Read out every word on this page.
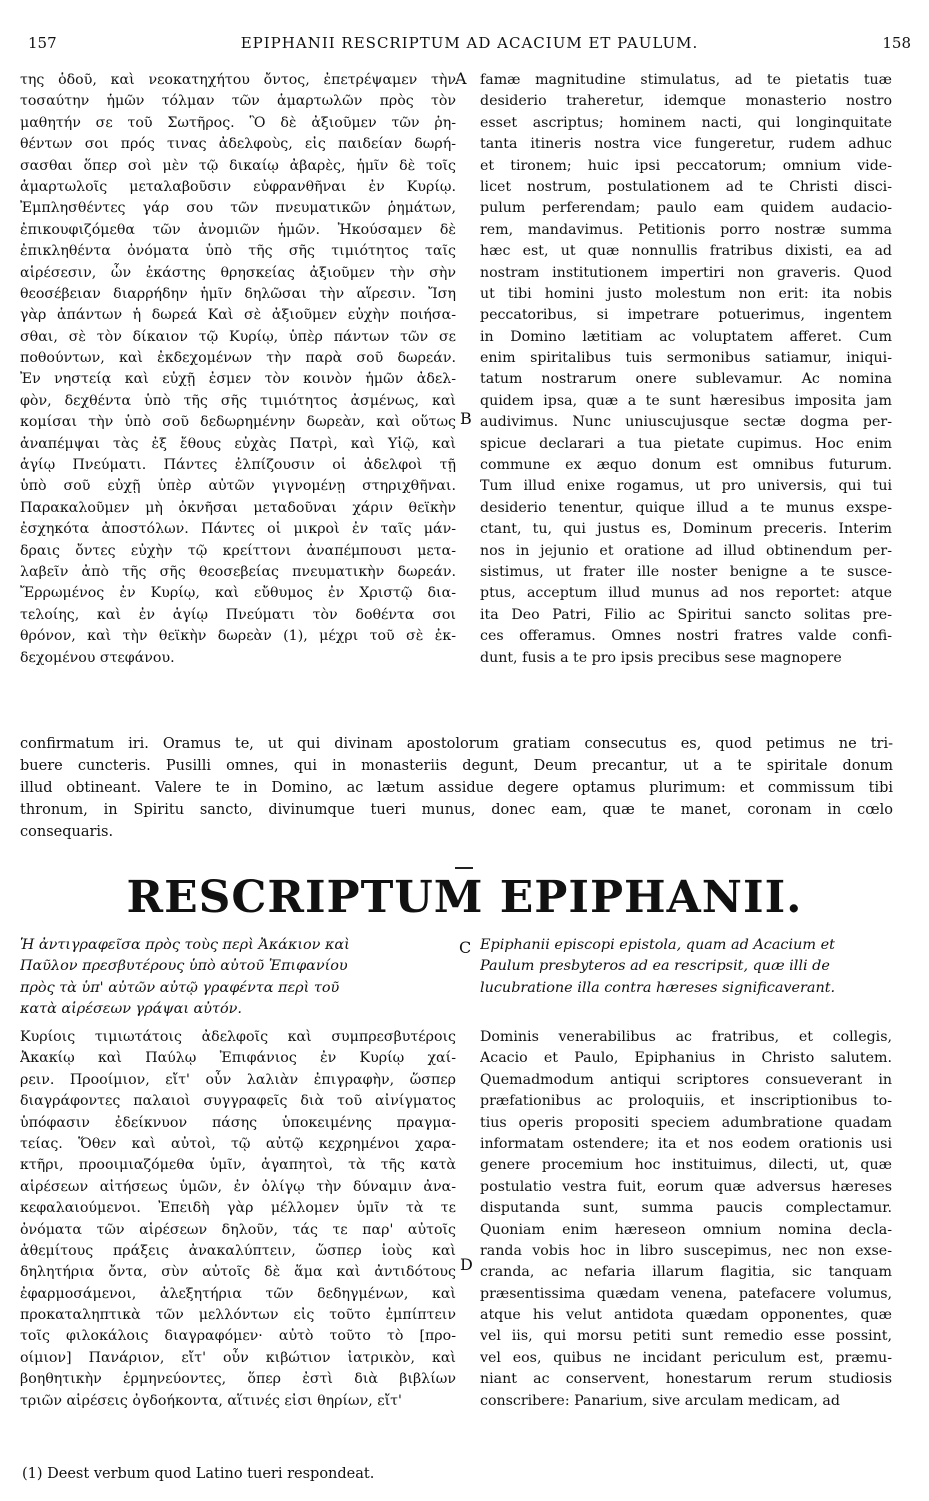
157	EPIPHANII RESCRIPTUM AD ACACIUM ET PAULUM.	158
A
B
C
D
της ὁδοῦ, καὶ νεοκατηχήτου ὄντος, ἐπετρέψαμεν τὴν
τοσαύτην ἡμῶν τόλμαν τῶν ἁμαρτωλῶν πρὸς τὸν
μαθητήν σε τοῦ Σωτῆρος. Ὃ δὲ ἀξιοῦμεν τῶν ῥη-
θέντων σοι πρός τινας ἀδελφοὺς, εἰς παιδείαν δωρή-
σασθαι ὅπερ σοὶ μὲν τῷ δικαίῳ ἀβαρὲς, ἡμῖν δὲ τοῖς
ἁμαρτωλοῖς μεταλαβοῦσιν εὐφρανθῆναι ἐν Κυρίῳ.
Ἐμπλησθέντες γάρ σου τῶν πνευματικῶν ῥημάτων,
ἐπικουφιζόμεθα τῶν ἀνομιῶν ἡμῶν. Ἠκούσαμεν δὲ
ἐπικληθέντα ὀνόματα ὑπὸ τῆς σῆς τιμιότητος ταῖς
αἱρέσεσιν, ὧν ἑκάστης θρησκείας ἀξιοῦμεν τὴν σὴν
θεοσέβειαν διαρρήδην ἡμῖν δηλῶσαι τὴν αἵρεσιν. Ἴση
γὰρ ἁπάντων ἡ δωρεά Καὶ σὲ ἀξιοῦμεν εὐχὴν ποιήσα-
σθαι, σὲ τὸν δίκαιον τῷ Κυρίῳ, ὑπὲρ πάντων τῶν σε
ποθούντων, καὶ ἐκδεχομένων τὴν παρὰ σοῦ δωρεάν.
Ἐν νηστείᾳ καὶ εὐχῇ ἐσμεν τὸν κοινὸν ἡμῶν ἀδελ-
φὸν, δεχθέντα ὑπὸ τῆς σῆς τιμιότητος ἀσμένως, καὶ
κομίσαι τὴν ὑπὸ σοῦ δεδωρημένην δωρεὰν, καὶ οὕτως
ἀναπέμψαι τὰς ἐξ ἔθους εὐχὰς Πατρὶ, καὶ Υἱῷ, καὶ
ἁγίῳ Πνεύματι. Πάντες ἐλπίζουσιν οἱ ἀδελφοὶ τῇ
ὑπὸ σοῦ εὐχῇ ὑπὲρ αὐτῶν γιγνομένῃ στηριχθῆναι.
Παρακαλοῦμεν μὴ ὀκνῆσαι μεταδοῦναι χάριν θεϊκὴν
ἐσχηκότα ἀποστόλων. Πάντες οἱ μικροὶ ἐν ταῖς μάν-
δραις ὄντες εὐχὴν τῷ κρείττονι ἀναπέμπουσι μετα-
λαβεῖν ἀπὸ τῆς σῆς θεοσεβείας πνευματικὴν δωρεάν.
Ἔρρωμένος ἐν Κυρίῳ, καὶ εὔθυμος ἐν Χριστῷ δια-
τελοίης, καὶ ἐν ἁγίῳ Πνεύματι τὸν δοθέντα σοι
θρόνον, καὶ τὴν θεϊκὴν δωρεὰν (1), μέχρι τοῦ σὲ ἐκ-
δεχομένου στεφάνου.
famæ magnitudine stimulatus, ad te pietatis tuæ
desiderio traheretur, idemque monasterio nostro
esset ascriptus; hominem nacti, qui longinquitate
tanta itineris nostra vice fungeretur, rudem adhuc
et tironem; huic ipsi peccatorum; omnium vide-
licet nostrum, postulationem ad te Christi disci-
pulum perferendam; paulo eam quidem audacio-
rem, mandavimus. Petitionis porro nostræ summa
hæc est, ut quæ nonnullis fratribus dixisti, ea ad
nostram institutionem impertiri non graveris. Quod
ut tibi homini justo molestum non erit: ita nobis
peccatoribus, si impetrare potuerimus, ingentem
in Domino lætitiam ac voluptatem afferet. Cum
enim spiritalibus tuis sermonibus satiamur, iniqui-
tatum nostrarum onere sublevamur. Ac nomina
quidem ipsa, quæ a te sunt hæresibus imposita jam
audivimus. Nunc uniuscujusque sectæ dogma per-
spicue declarari a tua pietate cupimus. Hoc enim
commune ex æquo donum est omnibus futurum.
Tum illud enixe rogamus, ut pro universis, qui tui
desiderio tenentur, quique illud a te munus exspe-
ctant, tu, qui justus es, Dominum preceris. Interim
nos in jejunio et oratione ad illud obtinendum per-
sistimus, ut frater ille noster benigne a te susce-
ptus, acceptum illud munus ad nos reportet: atque
ita Deo Patri, Filio ac Spiritui sancto solitas pre-
ces offeramus. Omnes nostri fratres valde confi-
dunt, fusis a te pro ipsis precibus sese magnopere
confirmatum iri. Oramus te, ut qui divinam apostolorum gratiam consecutus es, quod petimus ne tri-
buere cuncteris. Pusilli omnes, qui in monasteriis degunt, Deum precantur, ut a te spiritale donum
illud obtineant. Valere te in Domino, ac lætum assidue degere optamus plurimum: et commissum tibi
thronum, in Spiritu sancto, divinumque tueri munus, donec eam, quæ te manet, coronam in cœlo
consequaris.
RESCRIPTUM EPIPHANII.
Ἡ ἀντιγραφεῖσα πρὸς τοὺς περὶ Ἀκάκιον καὶ
Παῦλον πρεσβυτέρους ὑπὸ αὐτοῦ Ἐπιφανίου
πρὸς τὰ ὑπ' αὐτῶν αὐτῷ γραφέντα περὶ τοῦ
κατὰ αἱρέσεων γράψαι αὐτόν.
Epiphanii episcopi epistola, quam ad Acacium et
Paulum presbyteros ad ea rescripsit, quæ illi de
lucubratione illa contra hæreses significaverant.
Κυρίοις τιμιωτάτοις ἀδελφοῖς καὶ συμπρεσβυτέροις
Ἀκακίῳ καὶ Παύλῳ Ἐπιφάνιος ἐν Κυρίῳ χαί-
ρειν. Προοίμιον, εἴτ' οὖν λαλιὰν ἐπιγραφὴν, ὥσπερ
διαγράφοντες παλαιοὶ συγγραφεῖς διὰ τοῦ αἰνίγματος
ὑπόφασιν ἐδείκνυον πάσης ὑποκειμένης πραγμα-
τείας. Ὅθεν καὶ αὐτοὶ, τῷ αὐτῷ κεχρημένοι χαρα-
κτῆρι, προοιμιαζόμεθα ὑμῖν, ἀγαπητοὶ, τὰ τῆς κατὰ
αἱρέσεων αἰτήσεως ὑμῶν, ἐν ὀλίγῳ τὴν δύναμιν ἀνα-
κεφαλαιούμενοι. Ἐπειδὴ γὰρ μέλλομεν ὑμῖν τὰ τε
ὀνόματα τῶν αἱρέσεων δηλοῦν, τάς τε παρ' αὐτοῖς
ἀθεμίτους πράξεις ἀνακαλύπτειν, ὥσπερ ἰοὺς καὶ
δηλητήρια ὄντα, σὺν αὐτοῖς δὲ ἅμα καὶ ἀντιδότους
ἐφαρμοσάμενοι, ἀλεξητήρια τῶν δεδηγμένων, καὶ
προκαταληπτικὰ τῶν μελλόντων εἰς τοῦτο ἐμπίπτειν
τοῖς φιλοκάλοις διαγραφόμεν· αὐτὸ τοῦτο τὸ [προ-
οίμιον] Πανάριον, εἴτ' οὖν κιβώτιον ἰατρικὸν, καὶ
βοηθητικὴν ἑρμηνεύοντες, ὅπερ ἐστὶ διὰ βιβλίων
τριῶν αἱρέσεις ὀγδοήκοντα, αἵτινές εἰσι θηρίων, εἴτ'
Dominis venerabilibus ac fratribus, et collegis,
Acacio et Paulo, Epiphanius in Christo salutem.
Quemadmodum antiqui scriptores consueverant in
præfationibus ac proloquiis, et inscriptionibus to-
tius operis propositi speciem adumbratione quadam
informatam ostendere; ita et nos eodem orationis usi
genere procemium hoc instituimus, dilecti, ut, quæ
postulatio vestra fuit, eorum quæ adversus hæreses
disputanda sunt, summa paucis complectamur.
Quoniam enim hæreseon omnium nomina decla-
randa vobis hoc in libro suscepimus, nec non exse-
cranda, ac nefaria illarum flagitia, sic tanquam
præsentissima quædam venena, patefacere volumus,
atque his velut antidota quædam opponentes, quæ
vel iis, qui morsu petiti sunt remedio esse possint,
vel eos, quibus ne incidant periculum est, præmu-
niant ac conservent, honestarum rerum studiosis
conscribere: Panarium, sive arculam medicam, ad
(1) Deest verbum quod Latino tueri respondeat.
